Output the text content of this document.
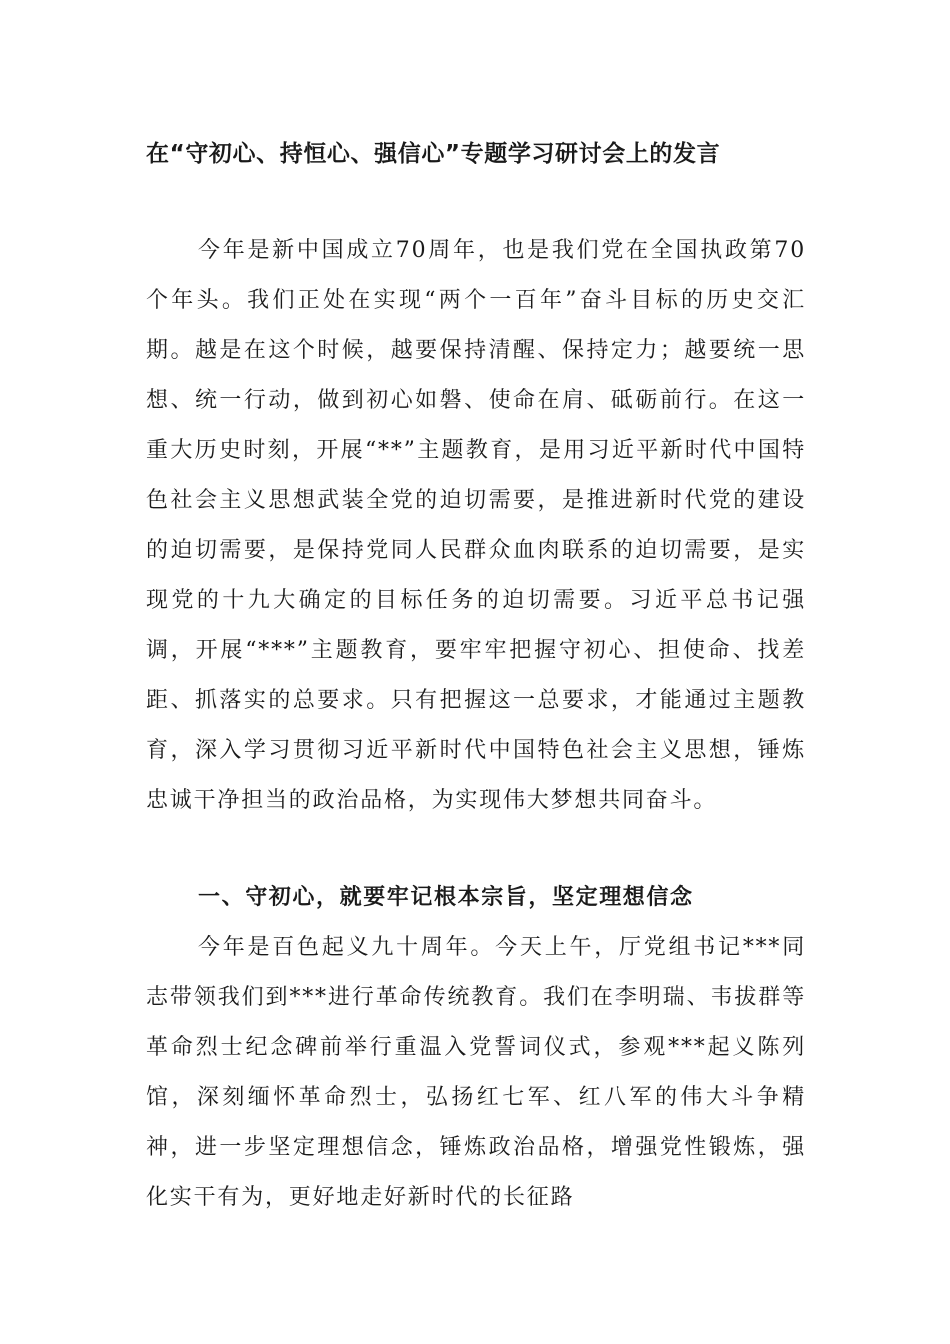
在“守初心、持恒心、强信心”专题学习研讨会上的发言

今年是新中国成立70周年，也是我们党在全国执政第70个年头。我们正处在实现“两个一百年”奋斗目标的历史交汇期。越是在这个时候，越要保持清醒、保持定力；越要统一思想、统一行动，做到初心如磐、使命在肩、砥砺前行。在这一重大历史时刻，开展“**”主题教育，是用习近平新时代中国特色社会主义思想武装全党的迫切需要，是推进新时代党的建设的迫切需要，是保持党同人民群众血肉联系的迫切需要，是实现党的十九大确定的目标任务的迫切需要。习近平总书记强调，开展“***”主题教育，要牢牢把握守初心、担使命、找差距、抓落实的总要求。只有把握这一总要求，才能通过主题教育，深入学习贯彻习近平新时代中国特色社会主义思想，锤炼忠诚干净担当的政治品格，为实现伟大梦想共同奋斗。

一、守初心，就要牢记根本宗旨，坚定理想信念

今年是百色起义九十周年。今天上午，厅党组书记***同志带领我们到***进行革命传统教育。我们在李明瑞、韦拔群等革命烈士纪念碑前举行重温入党誓词仪式，参观***起义陈列馆，深刻缅怀革命烈士，弘扬红七军、红八军的伟大斗争精神，进一步坚定理想信念，锤炼政治品格，增强党性锻炼，强化实干有为，更好地走好新时代的长征路
